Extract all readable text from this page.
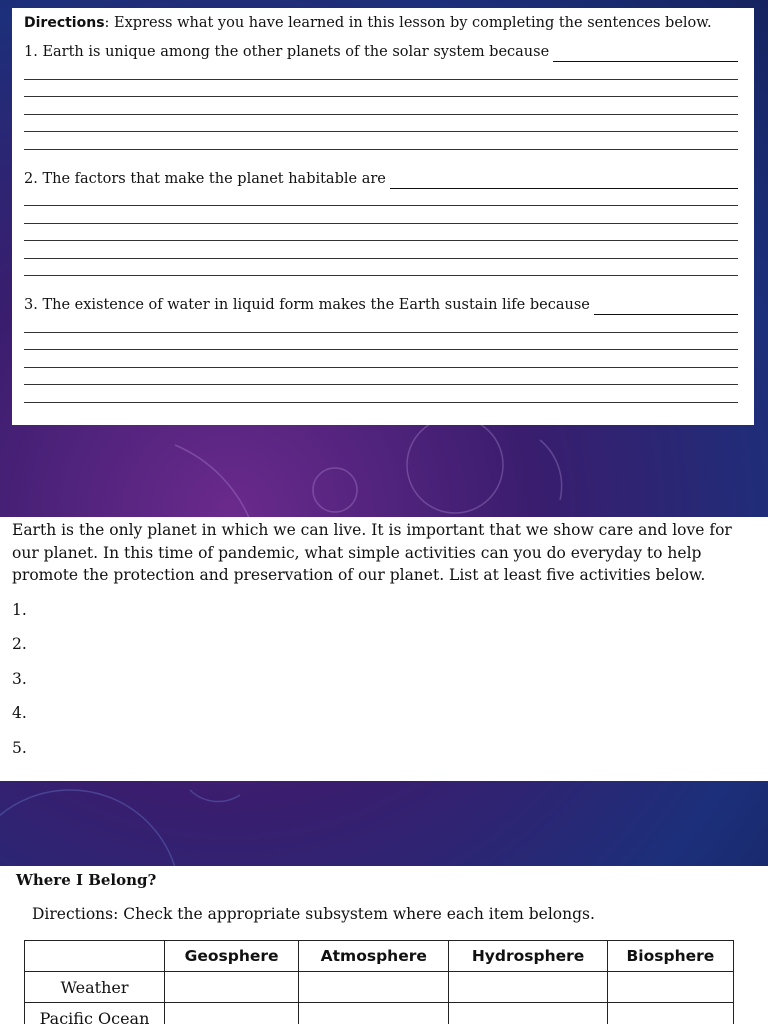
Directions: Express what you have learned in this lesson by completing the sentences below.
1. Earth is unique among the other planets of the solar system because
2. The factors that make the planet habitable are
3. The existence of water in liquid form makes the Earth sustain life because
Earth is the only planet in which we can live. It is important that we show care and love for our planet. In this time of pandemic, what simple activities can you do everyday to help promote the protection and preservation of our planet. List at least five activities below.
1.
2.
3.
4.
5.
Where I Belong?
Directions: Check the appropriate subsystem where each item belongs.
	Geosphere	Atmosphere	Hydrosphere	Biosphere
Weather				
Pacific Ocean				
